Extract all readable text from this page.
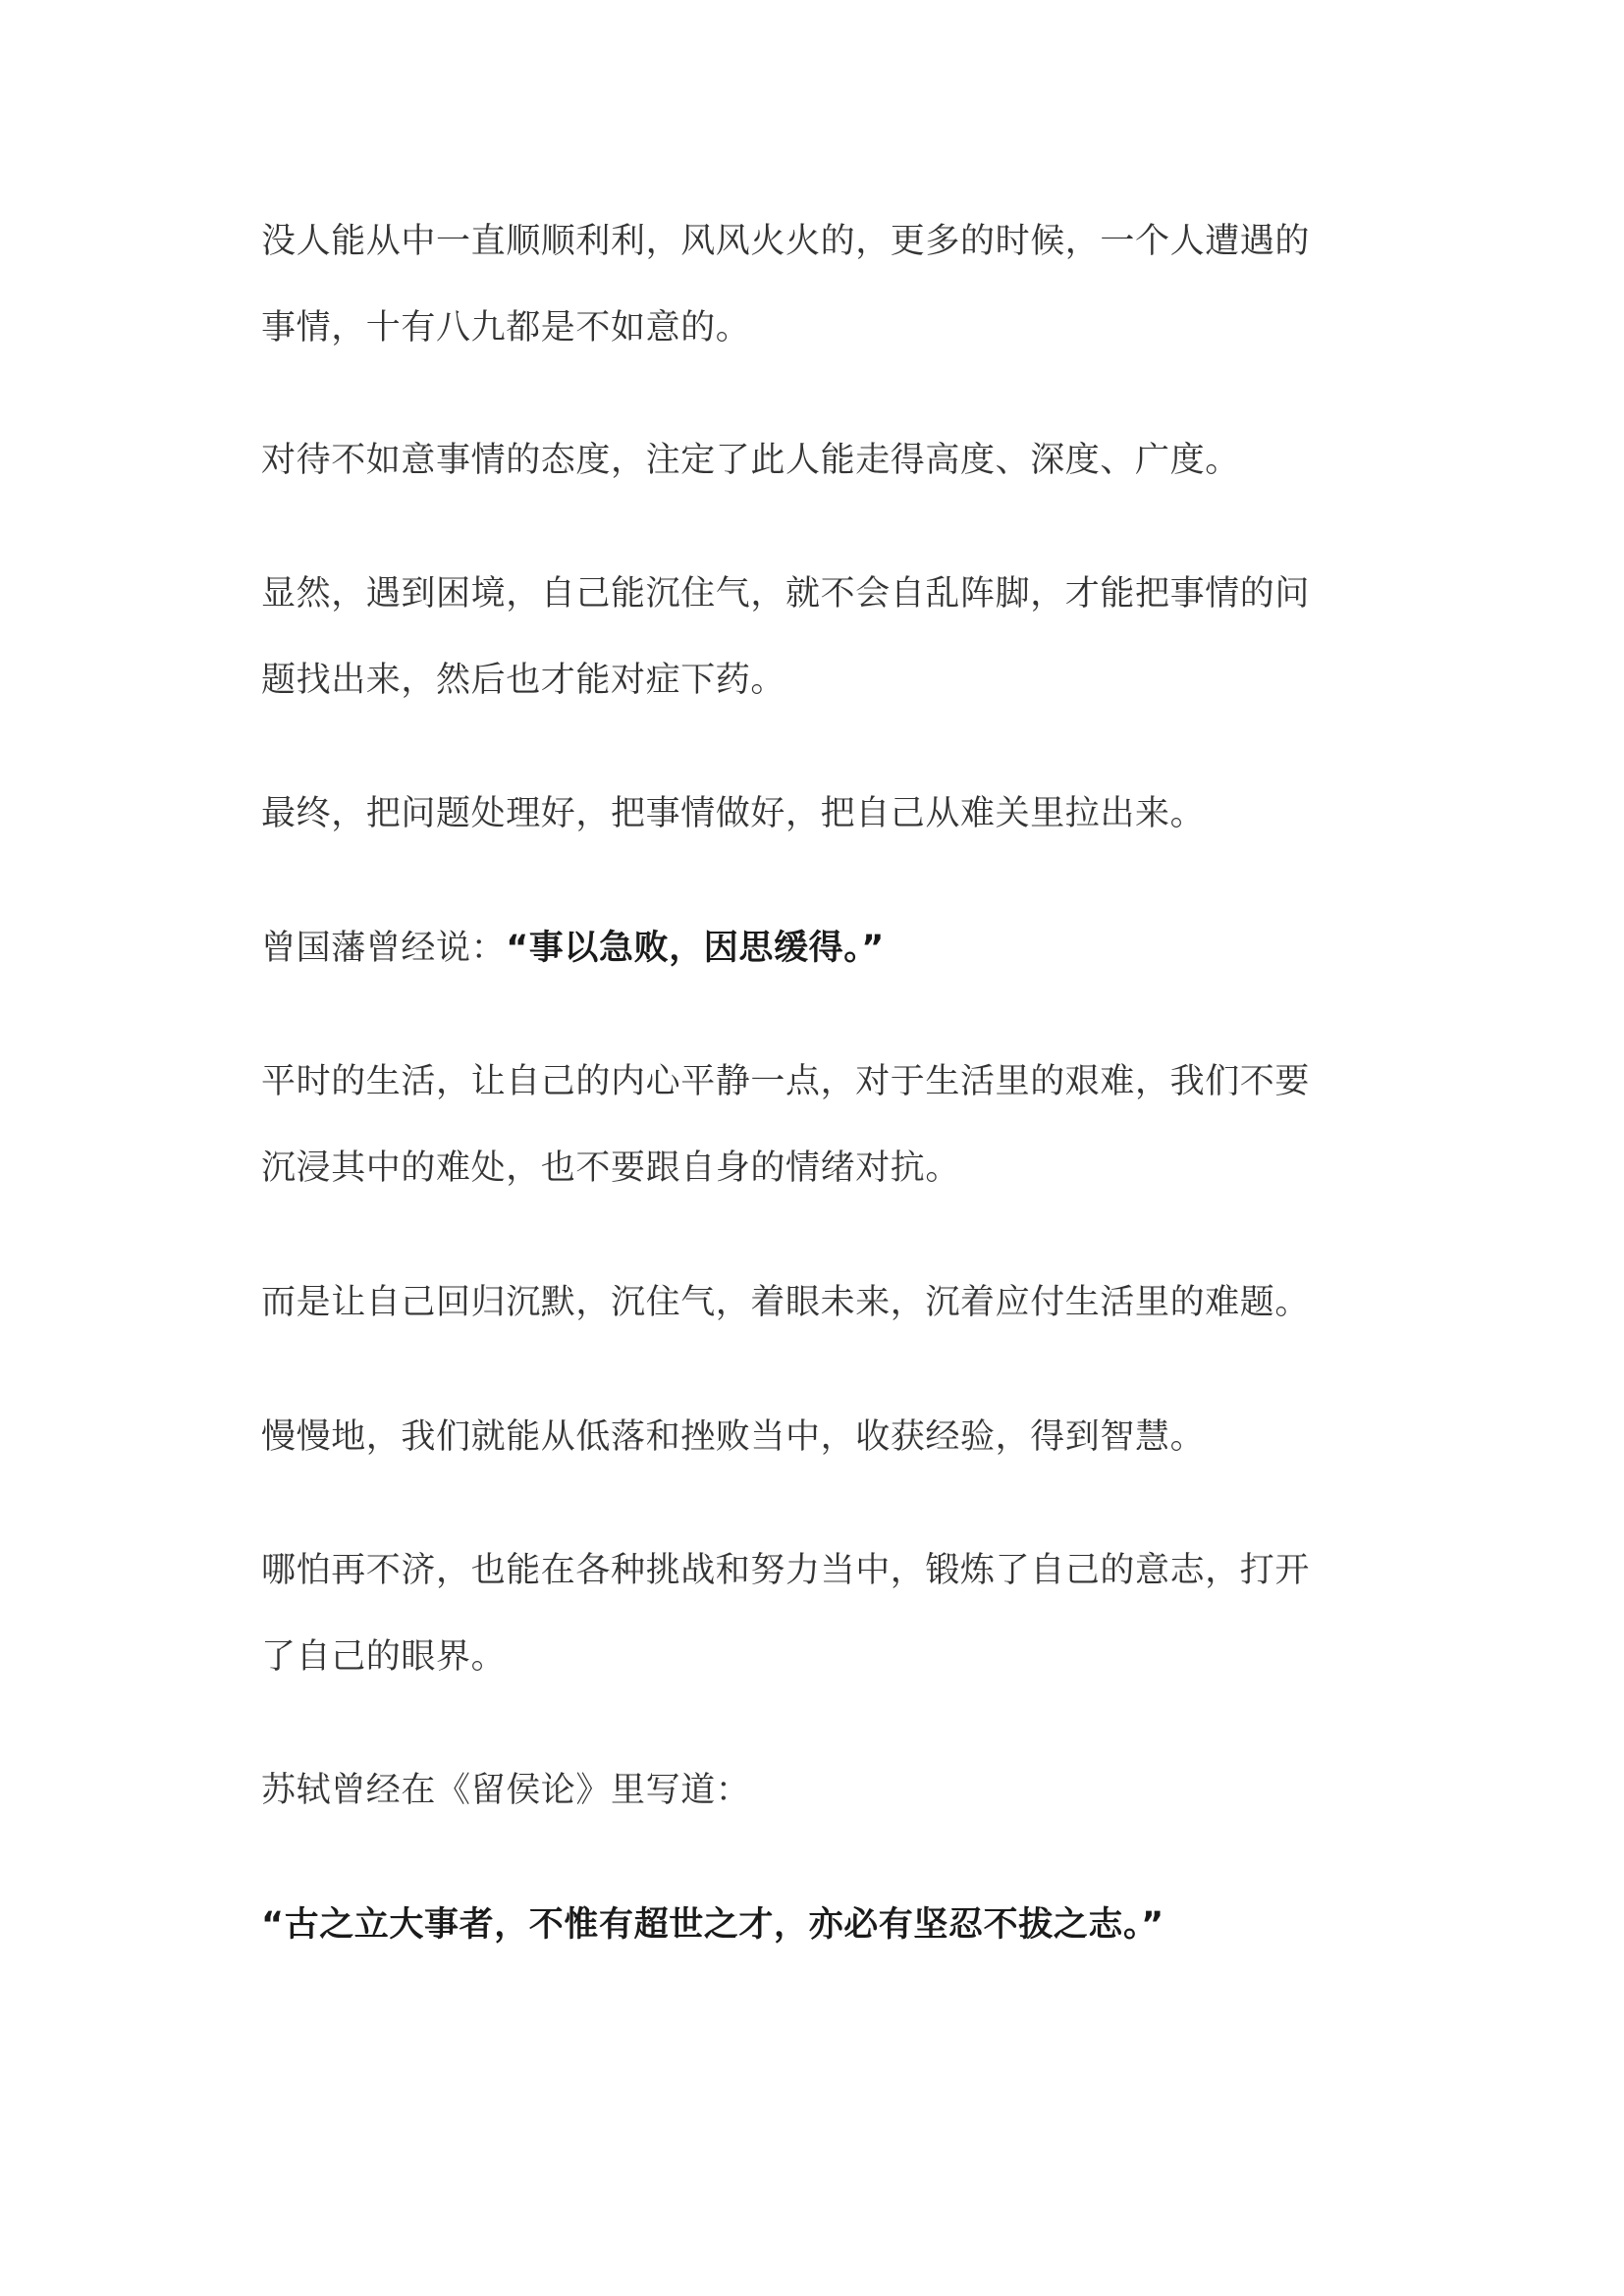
没人能从中一直顺顺利利，风风火火的，更多的时候，一个人遭遇的
事情，十有八九都是不如意的。

对待不如意事情的态度，注定了此人能走得高度、深度、广度。

显然，遇到困境，自己能沉住气，就不会自乱阵脚，才能把事情的问
题找出来，然后也才能对症下药。

最终，把问题处理好，把事情做好，把自己从难关里拉出来。

曾国藩曾经说：“事以急败，因思缓得。”

平时的生活，让自己的内心平静一点，对于生活里的艰难，我们不要
沉浸其中的难处，也不要跟自身的情绪对抗。

而是让自己回归沉默，沉住气，着眼未来，沉着应付生活里的难题。

慢慢地，我们就能从低落和挫败当中，收获经验，得到智慧。

哪怕再不济，也能在各种挑战和努力当中，锻炼了自己的意志，打开
了自己的眼界。

苏轼曾经在《留侯论》里写道：

“古之立大事者，不惟有超世之才，亦必有坚忍不拔之志。”
